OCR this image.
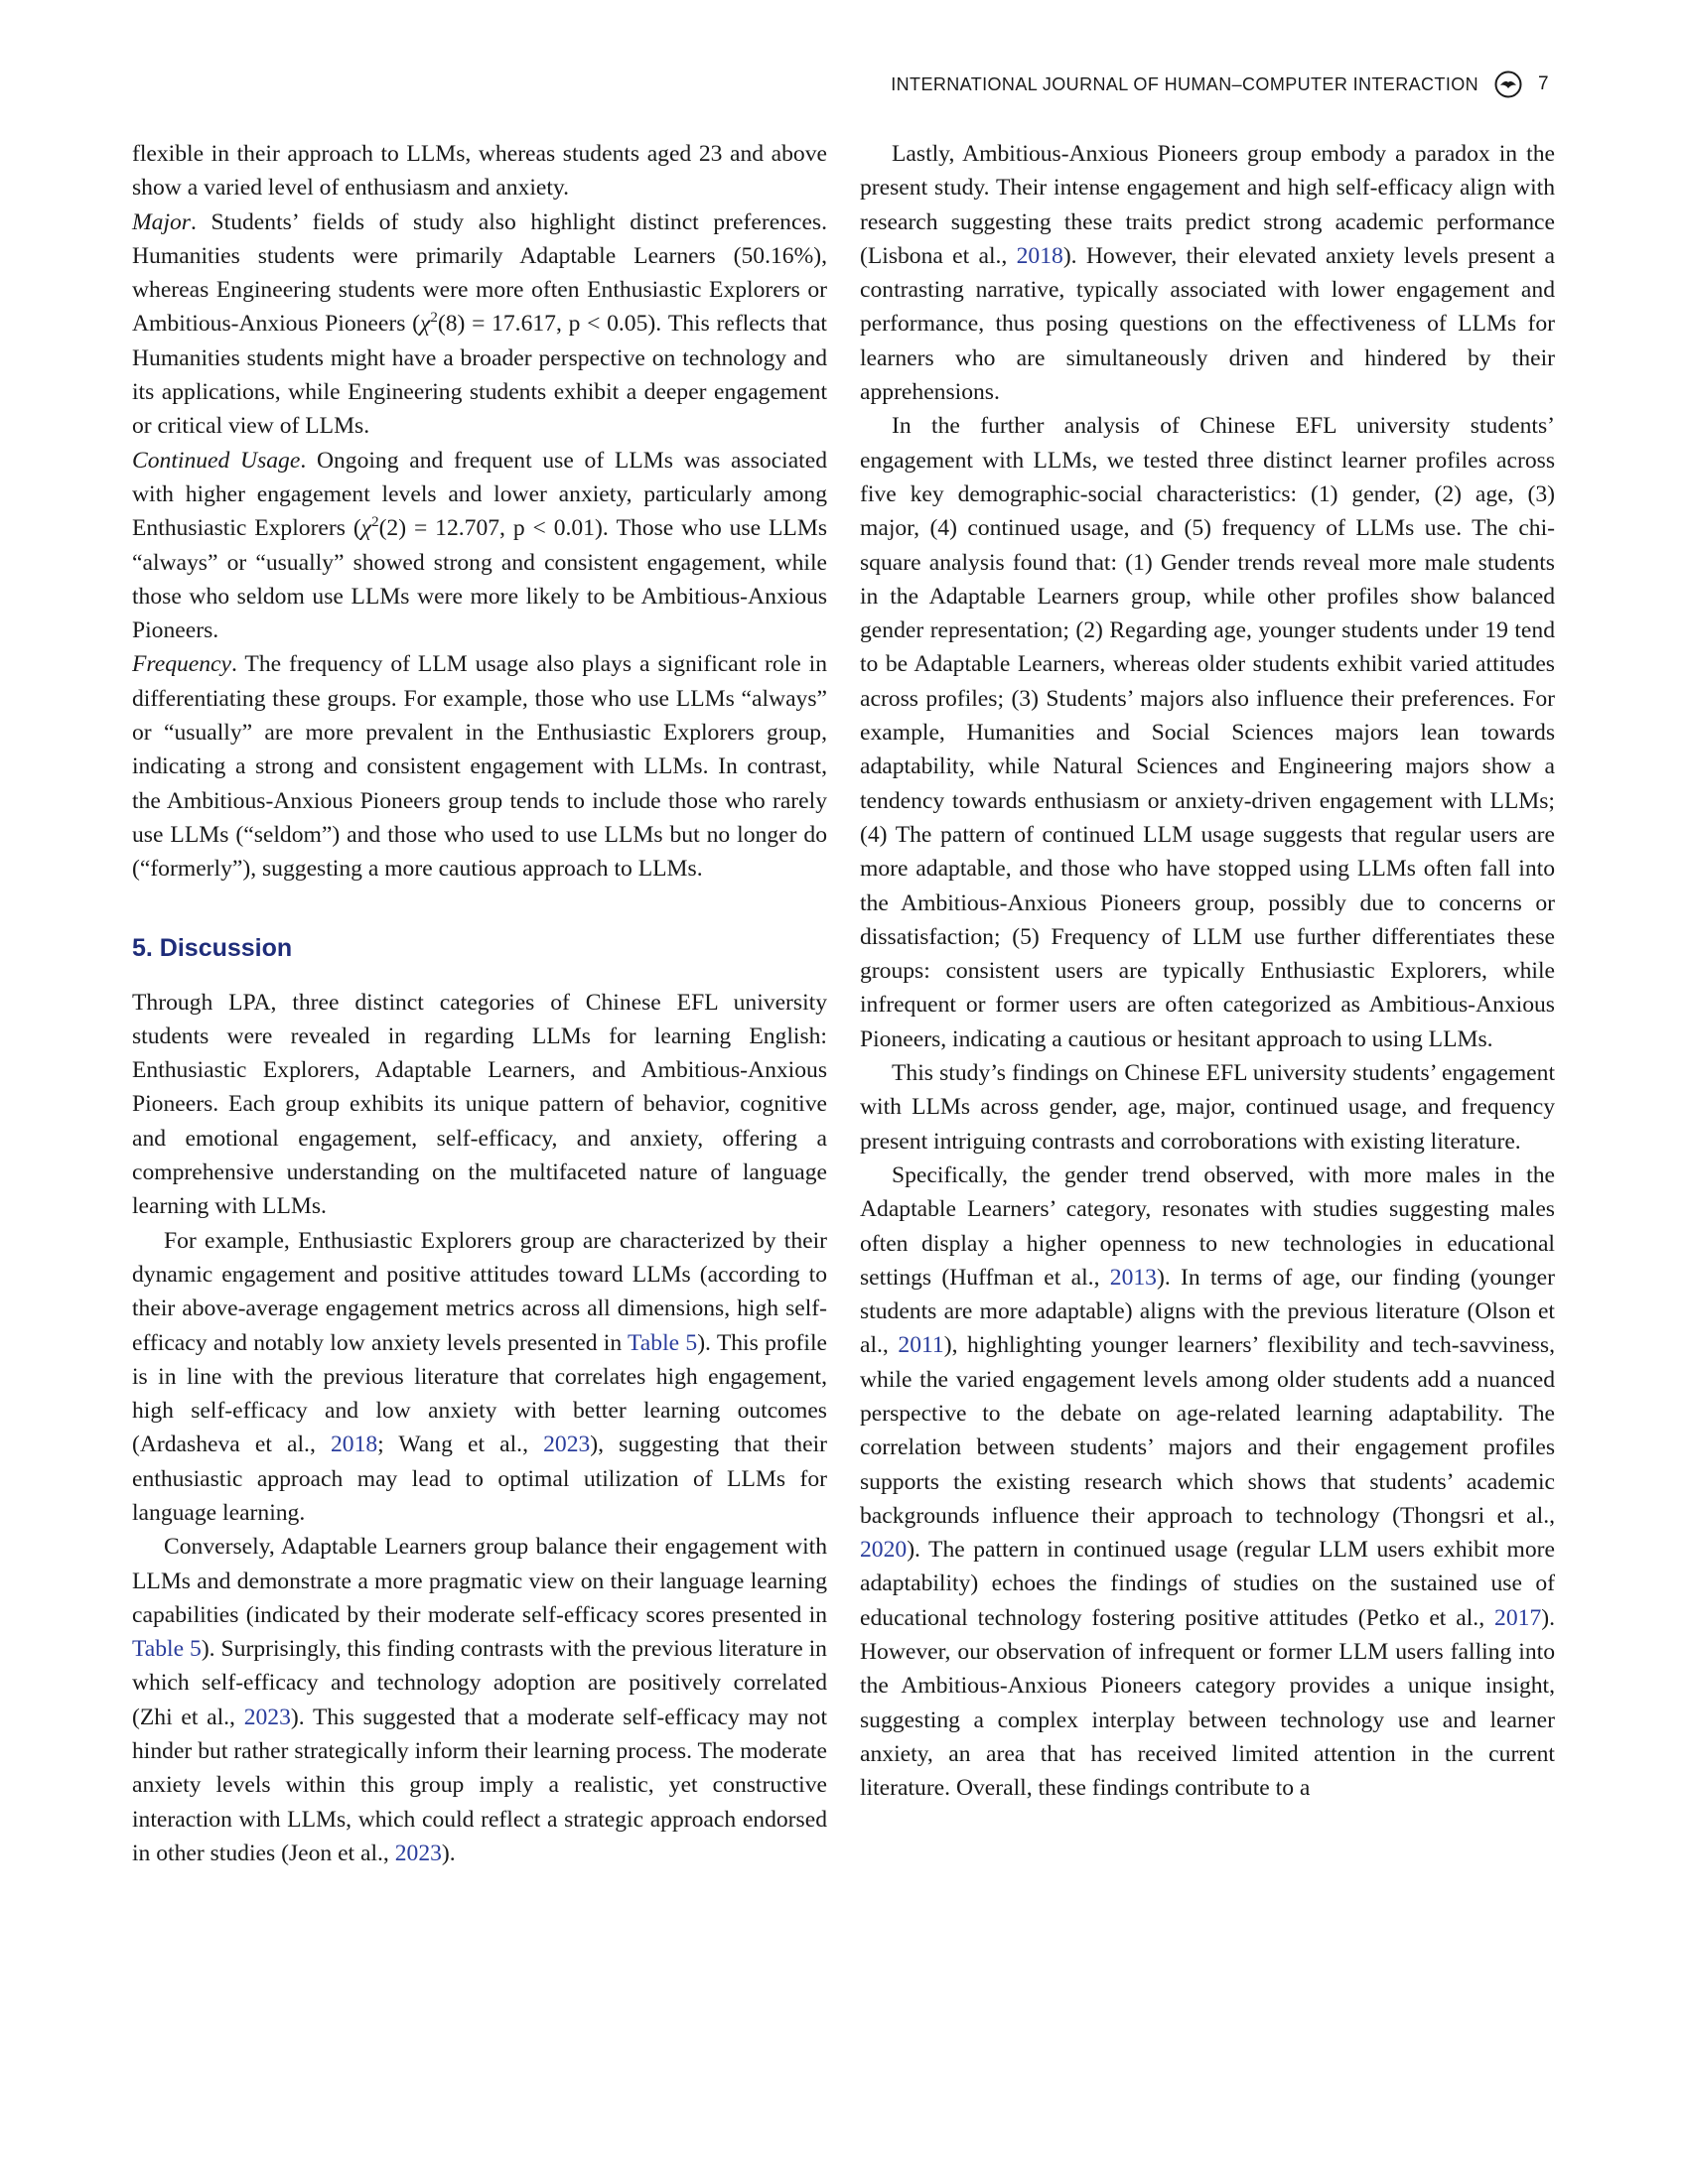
INTERNATIONAL JOURNAL OF HUMAN–COMPUTER INTERACTION	7

flexible in their approach to LLMs, whereas students aged 23 and above show a varied level of enthusiasm and anxiety.

Major. Students’ fields of study also highlight distinct preferences. Humanities students were primarily Adaptable Learners (50.16%), whereas Engineering students were more often Enthusiastic Explorers or Ambitious-Anxious Pioneers ($\chi^2(8) = 17.617$, p < 0.05). This reflects that Humanities students might have a broader perspective on technology and its applications, while Engineering students exhibit a deeper engagement or critical view of LLMs.

Continued Usage. Ongoing and frequent use of LLMs was associated with higher engagement levels and lower anxiety, particularly among Enthusiastic Explorers ($\chi^2(2) = 12.707$, p < 0.01). Those who use LLMs “always” or “usually” showed strong and consistent engagement, while those who seldom use LLMs were more likely to be Ambitious-Anxious Pioneers.

Frequency. The frequency of LLM usage also plays a significant role in differentiating these groups. For example, those who use LLMs “always” or “usually” are more prevalent in the Enthusiastic Explorers group, indicating a strong and consistent engagement with LLMs. In contrast, the Ambitious-Anxious Pioneers group tends to include those who rarely use LLMs (“seldom”) and those who used to use LLMs but no longer do (“formerly”), suggesting a more cautious approach to LLMs.

5. Discussion

Through LPA, three distinct categories of Chinese EFL university students were revealed in regarding LLMs for learning English: Enthusiastic Explorers, Adaptable Learners, and Ambitious-Anxious Pioneers. Each group exhibits its unique pattern of behavior, cognitive and emotional engagement, self-efficacy, and anxiety, offering a comprehensive understanding on the multifaceted nature of language learning with LLMs.

For example, Enthusiastic Explorers group are characterized by their dynamic engagement and positive attitudes toward LLMs (according to their above-average engagement metrics across all dimensions, high self-efficacy and notably low anxiety levels presented in Table 5). This profile is in line with the previous literature that correlates high engagement, high self-efficacy and low anxiety with better learning outcomes (Ardasheva et al., 2018; Wang et al., 2023), suggesting that their enthusiastic approach may lead to optimal utilization of LLMs for language learning.

Conversely, Adaptable Learners group balance their engagement with LLMs and demonstrate a more pragmatic view on their language learning capabilities (indicated by their moderate self-efficacy scores presented in Table 5). Surprisingly, this finding contrasts with the previous literature in which self-efficacy and technology adoption are positively correlated (Zhi et al., 2023). This suggested that a moderate self-efficacy may not hinder but rather strategically inform their learning process. The moderate anxiety levels within this group imply a realistic, yet constructive interaction with LLMs, which could reflect a strategic approach endorsed in other studies (Jeon et al., 2023).

Lastly, Ambitious-Anxious Pioneers group embody a paradox in the present study. Their intense engagement and high self-efficacy align with research suggesting these traits predict strong academic performance (Lisbona et al., 2018). However, their elevated anxiety levels present a contrasting narrative, typically associated with lower engagement and performance, thus posing questions on the effectiveness of LLMs for learners who are simultaneously driven and hindered by their apprehensions.

In the further analysis of Chinese EFL university students’ engagement with LLMs, we tested three distinct learner profiles across five key demographic-social characteristics: (1) gender, (2) age, (3) major, (4) continued usage, and (5) frequency of LLMs use. The chi-square analysis found that: (1) Gender trends reveal more male students in the Adaptable Learners group, while other profiles show balanced gender representation; (2) Regarding age, younger students under 19 tend to be Adaptable Learners, whereas older students exhibit varied attitudes across profiles; (3) Students’ majors also influence their preferences. For example, Humanities and Social Sciences majors lean towards adaptability, while Natural Sciences and Engineering majors show a tendency towards enthusiasm or anxiety-driven engagement with LLMs; (4) The pattern of continued LLM usage suggests that regular users are more adaptable, and those who have stopped using LLMs often fall into the Ambitious-Anxious Pioneers group, possibly due to concerns or dissatisfaction; (5) Frequency of LLM use further differentiates these groups: consistent users are typically Enthusiastic Explorers, while infrequent or former users are often categorized as Ambitious-Anxious Pioneers, indicating a cautious or hesitant approach to using LLMs.

This study’s findings on Chinese EFL university students’ engagement with LLMs across gender, age, major, continued usage, and frequency present intriguing contrasts and corroborations with existing literature.

Specifically, the gender trend observed, with more males in the Adaptable Learners’ category, resonates with studies suggesting males often display a higher openness to new technologies in educational settings (Huffman et al., 2013). In terms of age, our finding (younger students are more adaptable) aligns with the previous literature (Olson et al., 2011), highlighting younger learners’ flexibility and tech-savviness, while the varied engagement levels among older students add a nuanced perspective to the debate on age-related learning adaptability. The correlation between students’ majors and their engagement profiles supports the existing research which shows that students’ academic backgrounds influence their approach to technology (Thongsri et al., 2020). The pattern in continued usage (regular LLM users exhibit more adaptability) echoes the findings of studies on the sustained use of educational technology fostering positive attitudes (Petko et al., 2017). However, our observation of infrequent or former LLM users falling into the Ambitious-Anxious Pioneers category provides a unique insight, suggesting a complex interplay between technology use and learner anxiety, an area that has received limited attention in the current literature. Overall, these findings contribute to a
